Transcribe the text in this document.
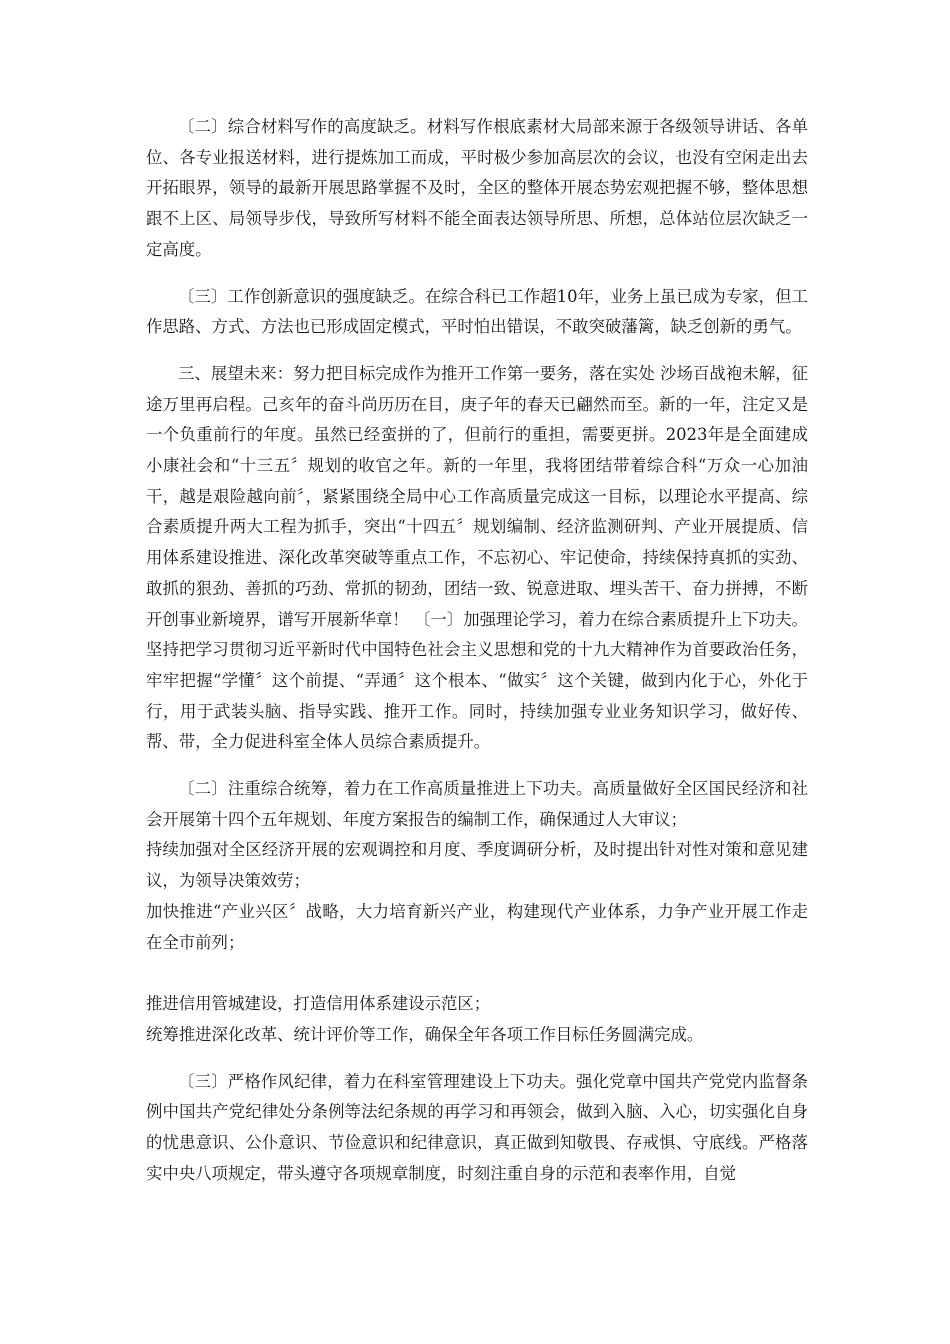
〔二〕综合材料写作的高度缺乏。材料写作根底素材大局部来源于各级领导讲话、各单位、各专业报送材料，进行提炼加工而成，平时极少参加高层次的会议，也没有空闲走出去开拓眼界，领导的最新开展思路掌握不及时，全区的整体开展态势宏观把握不够，整体思想跟不上区、局领导步伐，导致所写材料不能全面表达领导所思、所想，总体站位层次缺乏一定高度。

〔三〕工作创新意识的强度缺乏。在综合科已工作超10年，业务上虽已成为专家，但工作思路、方式、方法也已形成固定模式，平时怕出错误，不敢突破藩篱，缺乏创新的勇气。

三、展望未来：努力把目标完成作为推开工作第一要务，落在实处 沙场百战袍未解，征途万里再启程。己亥年的奋斗尚历历在目，庚子年的春天已翩然而至。新的一年，注定又是一个负重前行的年度。虽然已经蛮拼的了，但前行的重担，需要更拼。2023年是全面建成小康社会和“十三五〞规划的收官之年。新的一年里，我将团结带着综合科“万众一心加油干，越是艰险越向前〞，紧紧围绕全局中心工作高质量完成这一目标，以理论水平提高、综合素质提升两大工程为抓手，突出“十四五〞规划编制、经济监测研判、产业开展提质、信用体系建设推进、深化改革突破等重点工作，不忘初心、牢记使命，持续保持真抓的实劲、敢抓的狠劲、善抓的巧劲、常抓的韧劲，团结一致、锐意进取、埋头苦干、奋力拼搏，不断开创事业新境界，谱写开展新华章！ 〔一〕加强理论学习，着力在综合素质提升上下功夫。坚持把学习贯彻习近平新时代中国特色社会主义思想和党的十九大精神作为首要政治任务，牢牢把握“学懂〞这个前提、“弄通〞这个根本、“做实〞这个关键，做到内化于心，外化于行，用于武装头脑、指导实践、推开工作。同时，持续加强专业业务知识学习，做好传、帮、带，全力促进科室全体人员综合素质提升。

〔二〕注重综合统筹，着力在工作高质量推进上下功夫。高质量做好全区国民经济和社会开展第十四个五年规划、年度方案报告的编制工作，确保通过人大审议；

持续加强对全区经济开展的宏观调控和月度、季度调研分析，及时提出针对性对策和意见建议，为领导决策效劳；

加快推进“产业兴区〞战略，大力培育新兴产业，构建现代产业体系，力争产业开展工作走在全市前列；

推进信用管城建设，打造信用体系建设示范区；

统筹推进深化改革、统计评价等工作，确保全年各项工作目标任务圆满完成。

〔三〕严格作风纪律，着力在科室管理建设上下功夫。强化党章中国共产党党内监督条例中国共产党纪律处分条例等法纪条规的再学习和再领会，做到入脑、入心，切实强化自身的忧患意识、公仆意识、节俭意识和纪律意识，真正做到知敬畏、存戒惧、守底线。严格落实中央八项规定，带头遵守各项规章制度，时刻注重自身的示范和表率作用，自觉
